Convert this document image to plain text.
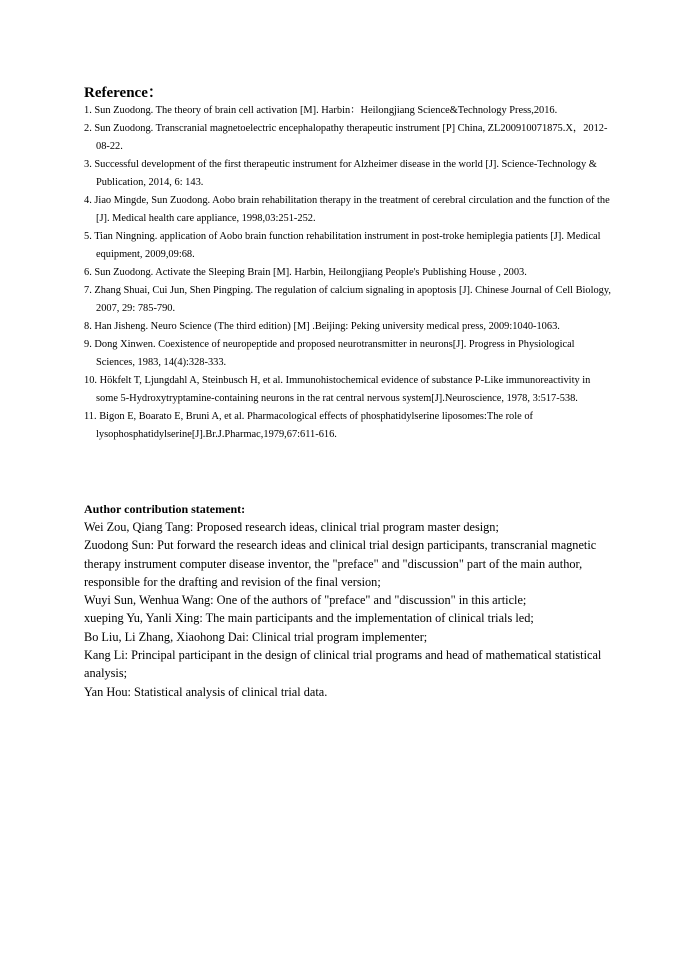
Reference：
1. Sun Zuodong. The theory of brain cell activation [M]. Harbin：Heilongjiang Science&Technology Press,2016.
2. Sun Zuodong. Transcranial magnetoelectric encephalopathy therapeutic instrument [P] China, ZL200910071875.X，2012-08-22.
3. Successful development of the first therapeutic instrument for Alzheimer disease in the world [J]. Science-Technology & Publication, 2014, 6: 143.
4. Jiao Mingde, Sun Zuodong. Aobo brain rehabilitation therapy in the treatment of cerebral circulation and the function of the [J]. Medical health care appliance, 1998,03:251-252.
5. Tian Ningning. application of Aobo brain function rehabilitation instrument in post-troke hemiplegia patients [J]. Medical equipment, 2009,09:68.
6. Sun Zuodong. Activate the Sleeping Brain [M]. Harbin, Heilongjiang People's Publishing House , 2003.
7. Zhang Shuai, Cui Jun, Shen Pingping. The regulation of calcium signaling in apoptosis [J]. Chinese Journal of Cell Biology, 2007, 29: 785-790.
8. Han Jisheng. Neuro Science (The third edition) [M] .Beijing: Peking university medical press, 2009:1040-1063.
9. Dong Xinwen. Coexistence of neuropeptide and proposed neurotransmitter in neurons[J]. Progress in Physiological Sciences, 1983, 14(4):328-333.
10. Hökfelt T, Ljungdahl A, Steinbusch H, et al. Immunohistochemical evidence of substance P-Like immunoreactivity in some 5-Hydroxytryptamine-containing neurons in the rat central nervous system[J].Neuroscience, 1978, 3:517-538.
11. Bigon E, Boarato E, Bruni A, et al. Pharmacological effects of phosphatidylserine liposomes:The role of lysophosphatidylserine[J].Br.J.Pharmac,1979,67:611-616.

Author contribution statement:

Wei Zou, Qiang Tang: Proposed research ideas, clinical trial program master design;

Zuodong Sun: Put forward the research ideas and clinical trial design participants, transcranial magnetic therapy instrument computer disease inventor, the "preface" and "discussion" part of the main author, responsible for the drafting and revision of the final version;

Wuyi Sun, Wenhua Wang: One of the authors of "preface" and "discussion" in this article;

xueping Yu, Yanli Xing: The main participants and the implementation of clinical trials led;

Bo Liu, Li Zhang, Xiaohong Dai: Clinical trial program implementer;

Kang Li: Principal participant in the design of clinical trial programs and head of mathematical statistical analysis;

Yan Hou: Statistical analysis of clinical trial data.
